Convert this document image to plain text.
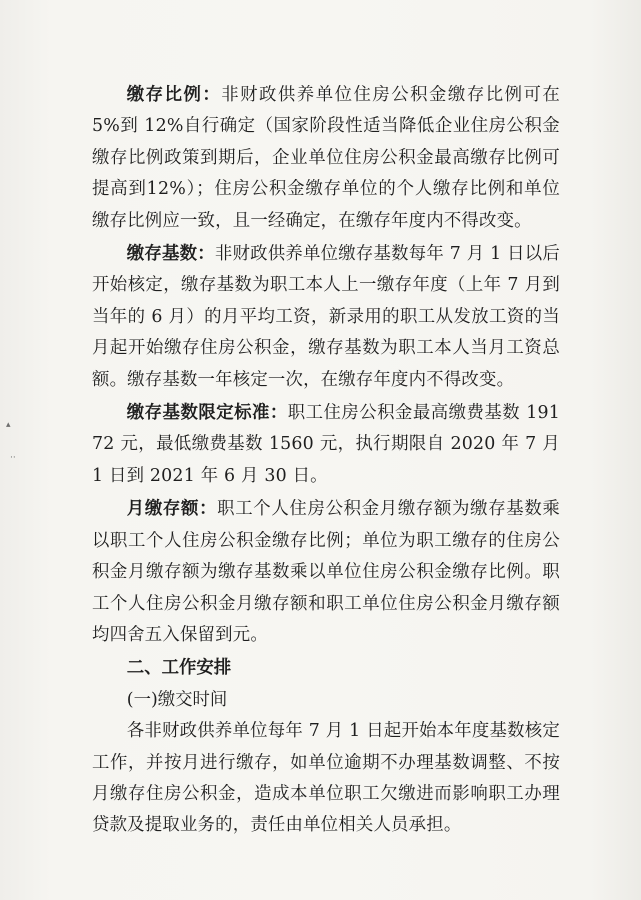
▴
··

缴存比例：非财政供养单位住房公积金缴存比例可在 5%到 12%自行确定（国家阶段性适当降低企业住房公积金缴存比例政策到期后，企业单位住房公积金最高缴存比例可提高到12%）；住房公积金缴存单位的个人缴存比例和单位缴存比例应一致，且一经确定，在缴存年度内不得改变。

缴存基数：非财政供养单位缴存基数每年 7 月 1 日以后开始核定，缴存基数为职工本人上一缴存年度（上年 7 月到当年的 6 月）的月平均工资，新录用的职工从发放工资的当月起开始缴存住房公积金，缴存基数为职工本人当月工资总额。缴存基数一年核定一次，在缴存年度内不得改变。

缴存基数限定标准：职工住房公积金最高缴费基数 19172 元，最低缴费基数 1560 元，执行期限自 2020 年 7 月 1 日到 2021 年 6 月 30 日。

月缴存额：职工个人住房公积金月缴存额为缴存基数乘以职工个人住房公积金缴存比例；单位为职工缴存的住房公积金月缴存额为缴存基数乘以单位住房公积金缴存比例。职工个人住房公积金月缴存额和职工单位住房公积金月缴存额均四舍五入保留到元。

二、工作安排

(一)缴交时间

各非财政供养单位每年 7 月 1 日起开始本年度基数核定工作，并按月进行缴存，如单位逾期不办理基数调整、不按月缴存住房公积金，造成本单位职工欠缴进而影响职工办理贷款及提取业务的，责任由单位相关人员承担。
